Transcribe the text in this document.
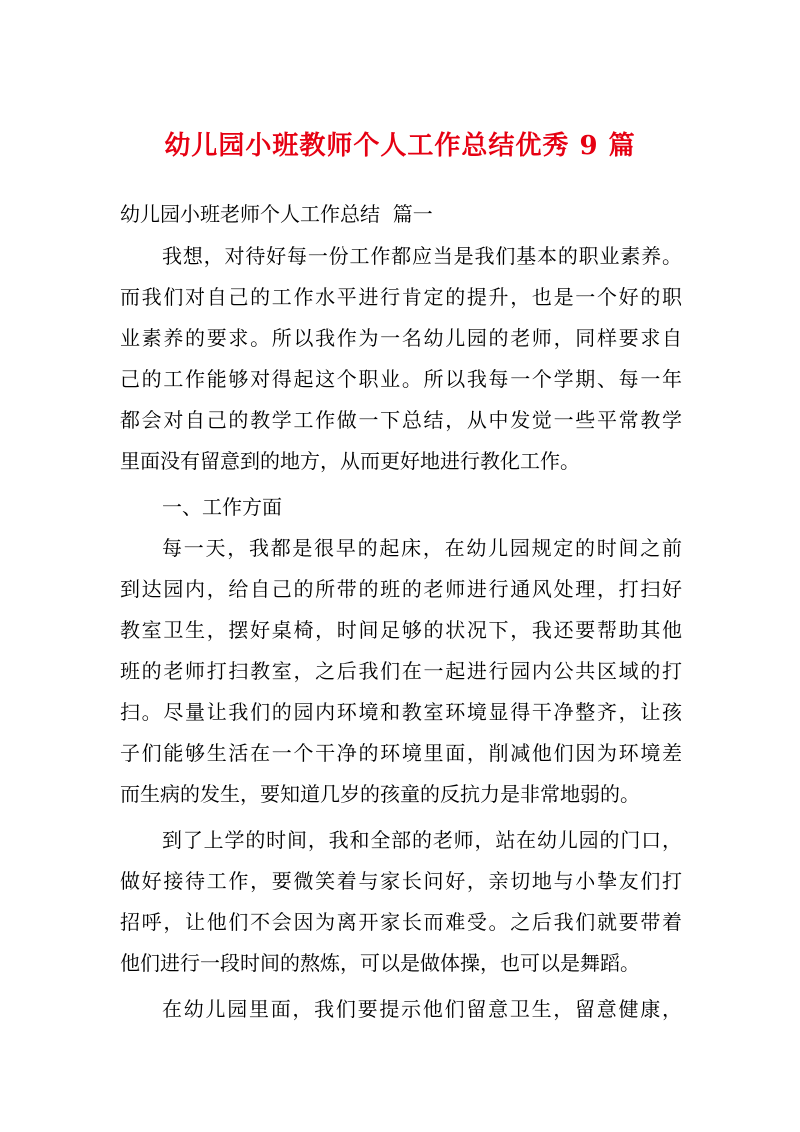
幼儿园小班教师个人工作总结优秀 9 篇
幼儿园小班老师个人工作总结  篇一
我想，对待好每一份工作都应当是我们基本的职业素养。
而我们对自己的工作水平进行肯定的提升，也是一个好的职
业素养的要求。所以我作为一名幼儿园的老师，同样要求自
己的工作能够对得起这个职业。所以我每一个学期、每一年
都会对自己的教学工作做一下总结，从中发觉一些平常教学
里面没有留意到的地方，从而更好地进行教化工作。
一、工作方面
每一天，我都是很早的起床，在幼儿园规定的时间之前
到达园内，给自己的所带的班的老师进行通风处理，打扫好
教室卫生，摆好桌椅，时间足够的状况下，我还要帮助其他
班的老师打扫教室，之后我们在一起进行园内公共区域的打
扫。尽量让我们的园内环境和教室环境显得干净整齐，让孩
子们能够生活在一个干净的环境里面，削减他们因为环境差
而生病的发生，要知道几岁的孩童的反抗力是非常地弱的。
到了上学的时间，我和全部的老师，站在幼儿园的门口，
做好接待工作，要微笑着与家长问好，亲切地与小挚友们打
招呼，让他们不会因为离开家长而难受。之后我们就要带着
他们进行一段时间的熬炼，可以是做体操，也可以是舞蹈。
在幼儿园里面，我们要提示他们留意卫生，留意健康，
